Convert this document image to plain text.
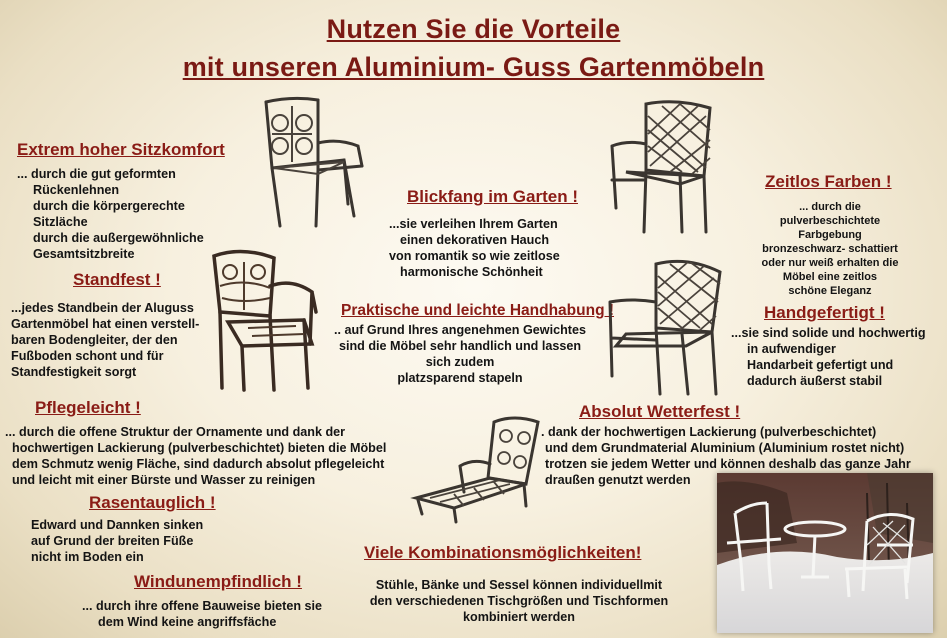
Nutzen Sie die Vorteile
mit unseren Aluminium- Guss Gartenmöbeln
Extrem hoher Sitzkomfort
... durch die gut geformten
Rückenlehnen
durch die körpergerechte
Sitzläche
durch die außergewöhnliche
Gesamtsitzbreite
Standfest !
...jedes Standbein der Aluguss
Gartenmöbel hat einen verstell-
baren Bodengleiter, der den
Fußboden schont und für
Standfestigkeit sorgt
Pflegeleicht !
... durch die offene Struktur der Ornamente und dank der
hochwertigen Lackierung (pulverbeschichtet) bieten die Möbel
dem Schmutz wenig Fläche, sind dadurch absolut pflegeleicht
und leicht mit einer Bürste und Wasser zu reinigen
Rasentauglich !
Edward und Dannken sinken
auf Grund der breiten Füße
nicht im Boden ein
Windunempfindlich !
... durch ihre offene Bauweise bieten sie
dem Wind keine angriffsfäche
Blickfang im Garten !
...sie verleihen Ihrem Garten
einen dekorativen Hauch
von romantik so wie zeitlose
harmonische Schönheit
Praktische und leichte Handhabung !
.. auf Grund Ihres angenehmen Gewichtes
sind die Möbel sehr handlich und lassen
sich zudem
platzsparend stapeln
Viele Kombinationsmöglichkeiten!
Stühle, Bänke und Sessel können individuellmit
den verschiedenen Tischgrößen und Tischformen
kombiniert werden
Zeitlos Farben !
... durch die
pulverbeschichtete
Farbgebung
bronzeschwarz- schattiert
oder nur weiß erhalten die
Möbel eine zeitlos
schöne Eleganz
Handgefertigt !
...sie sind solide und hochwertig
in aufwendiger
Handarbeit gefertigt und
dadurch äußerst stabil
Absolut Wetterfest !
. dank der hochwertigen Lackierung (pulverbeschichtet)
und dem Grundmaterial Aluminium (Aluminium rostet nicht)
trotzen sie jedem Wetter und können deshalb das ganze Jahr
draußen genutzt werden
